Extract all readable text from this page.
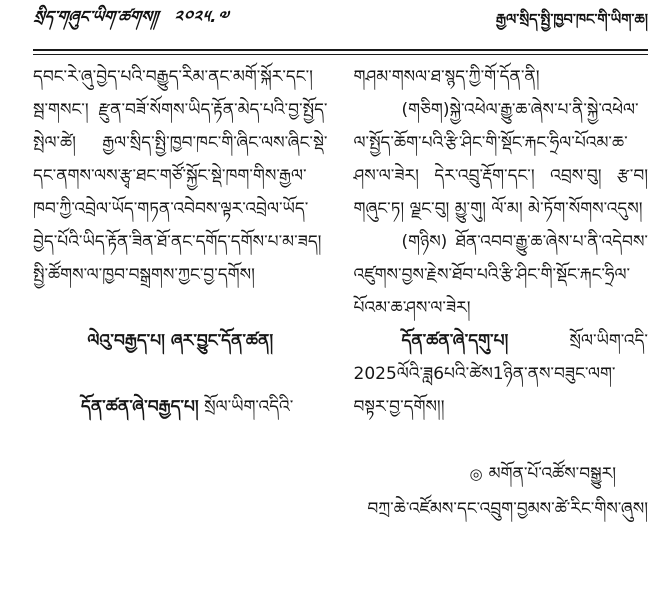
སྲིད་གཞུང་ཡིག་ཚགས༎ ༢༠༢༥.༧	རྒྱལ་སྲིད་སྤྱི་ཁྱབ་ཁང་གི་ཡིག་ཆ།

དབང་རེ་ཞུ་བྱེད་པའི་བརྒྱུད་རིམ་ནང་མགོ་སྐོར་དང་། སྦ་གསང་། རྫུན་བཟོ་སོགས་ཡིད་རྟོན་མེད་པའི་བྱ་སྤྱོད་སྤེལ་ཚེ། རྒྱལ་སྲིད་སྤྱི་ཁྱབ་ཁང་གི་ཞིང་ལས་ཞིང་སྡེ་དང་ནགས་ལས་རྩྭ་ཐང་གཙོ་སྐྱོང་སྡེ་ཁག་གིས་རྒྱལ་ཁབ་ཀྱི་འབྲེལ་ཡོད་གཏན་འབེབས་ལྟར་འབྲེལ་ཡོད་བྱེད་པོའི་ཡིད་རྟོན་ཟིན་ཐོ་ནང་དགོད་དགོས་པ་མ་ཟད། སྤྱི་ཚོགས་ལ་ཁྱབ་བསྒྲགས་ཀྱང་བྱ་དགོས།

ལེའུ་བརྒྱད་པ། ཞར་བྱུང་དོན་ཚན།

དོན་ཚན་ཞེ་བརྒྱད་པ། སྲོལ་ཡིག་འདིའི་

གཤམ་གསལ་ཐ་སྙད་ཀྱི་གོ་དོན་ནི།

(གཅིག)སྐྱེ་འཕེལ་རྒྱུ་ཆ་ཞེས་པ་ནི་སྐྱེ་འཕེལ་ལ་སྤྱོད་ཆོག་པའི་རྩི་ཤིང་གི་སྡོང་རྐང་ཧྲིལ་པོའམ་ཆ་ཤས་ལ་ཟེར། དེར་འབྲུ་རྡོག་དང་། འབྲས་བུ། རྩ་བ། གཞུང་ཏ། ལྗང་བུ། མྱུ་གུ། ལོ་མ། མེ་ཏོག་སོགས་འདུས།

(གཉིས) ཐོན་འབབ་རྒྱུ་ཆ་ཞེས་པ་ནི་འདེབས་འཛུགས་བྱས་རྗེས་ཐོབ་པའི་རྩི་ཤིང་གི་སྡོང་རྐང་ཧྲིལ་པོའམ་ཆ་ཤས་ལ་ཟེར།

དོན་ཚན་ཞེ་དགུ་པ། སྲོལ་ཡིག་འདི་2025ལོའི་ཟླ6པའི་ཚེས1ཉིན་ནས་བཟུང་ལག་བསྟར་བྱ་དགོས།།

◎ མགོན་པོ་འཚོས་བསྒྱུར།
བཀྲ་ཆེ་འཛོམས་དང་འབྲུག་བྱམས་ཚེ་རིང་གིས་ཞུས།
